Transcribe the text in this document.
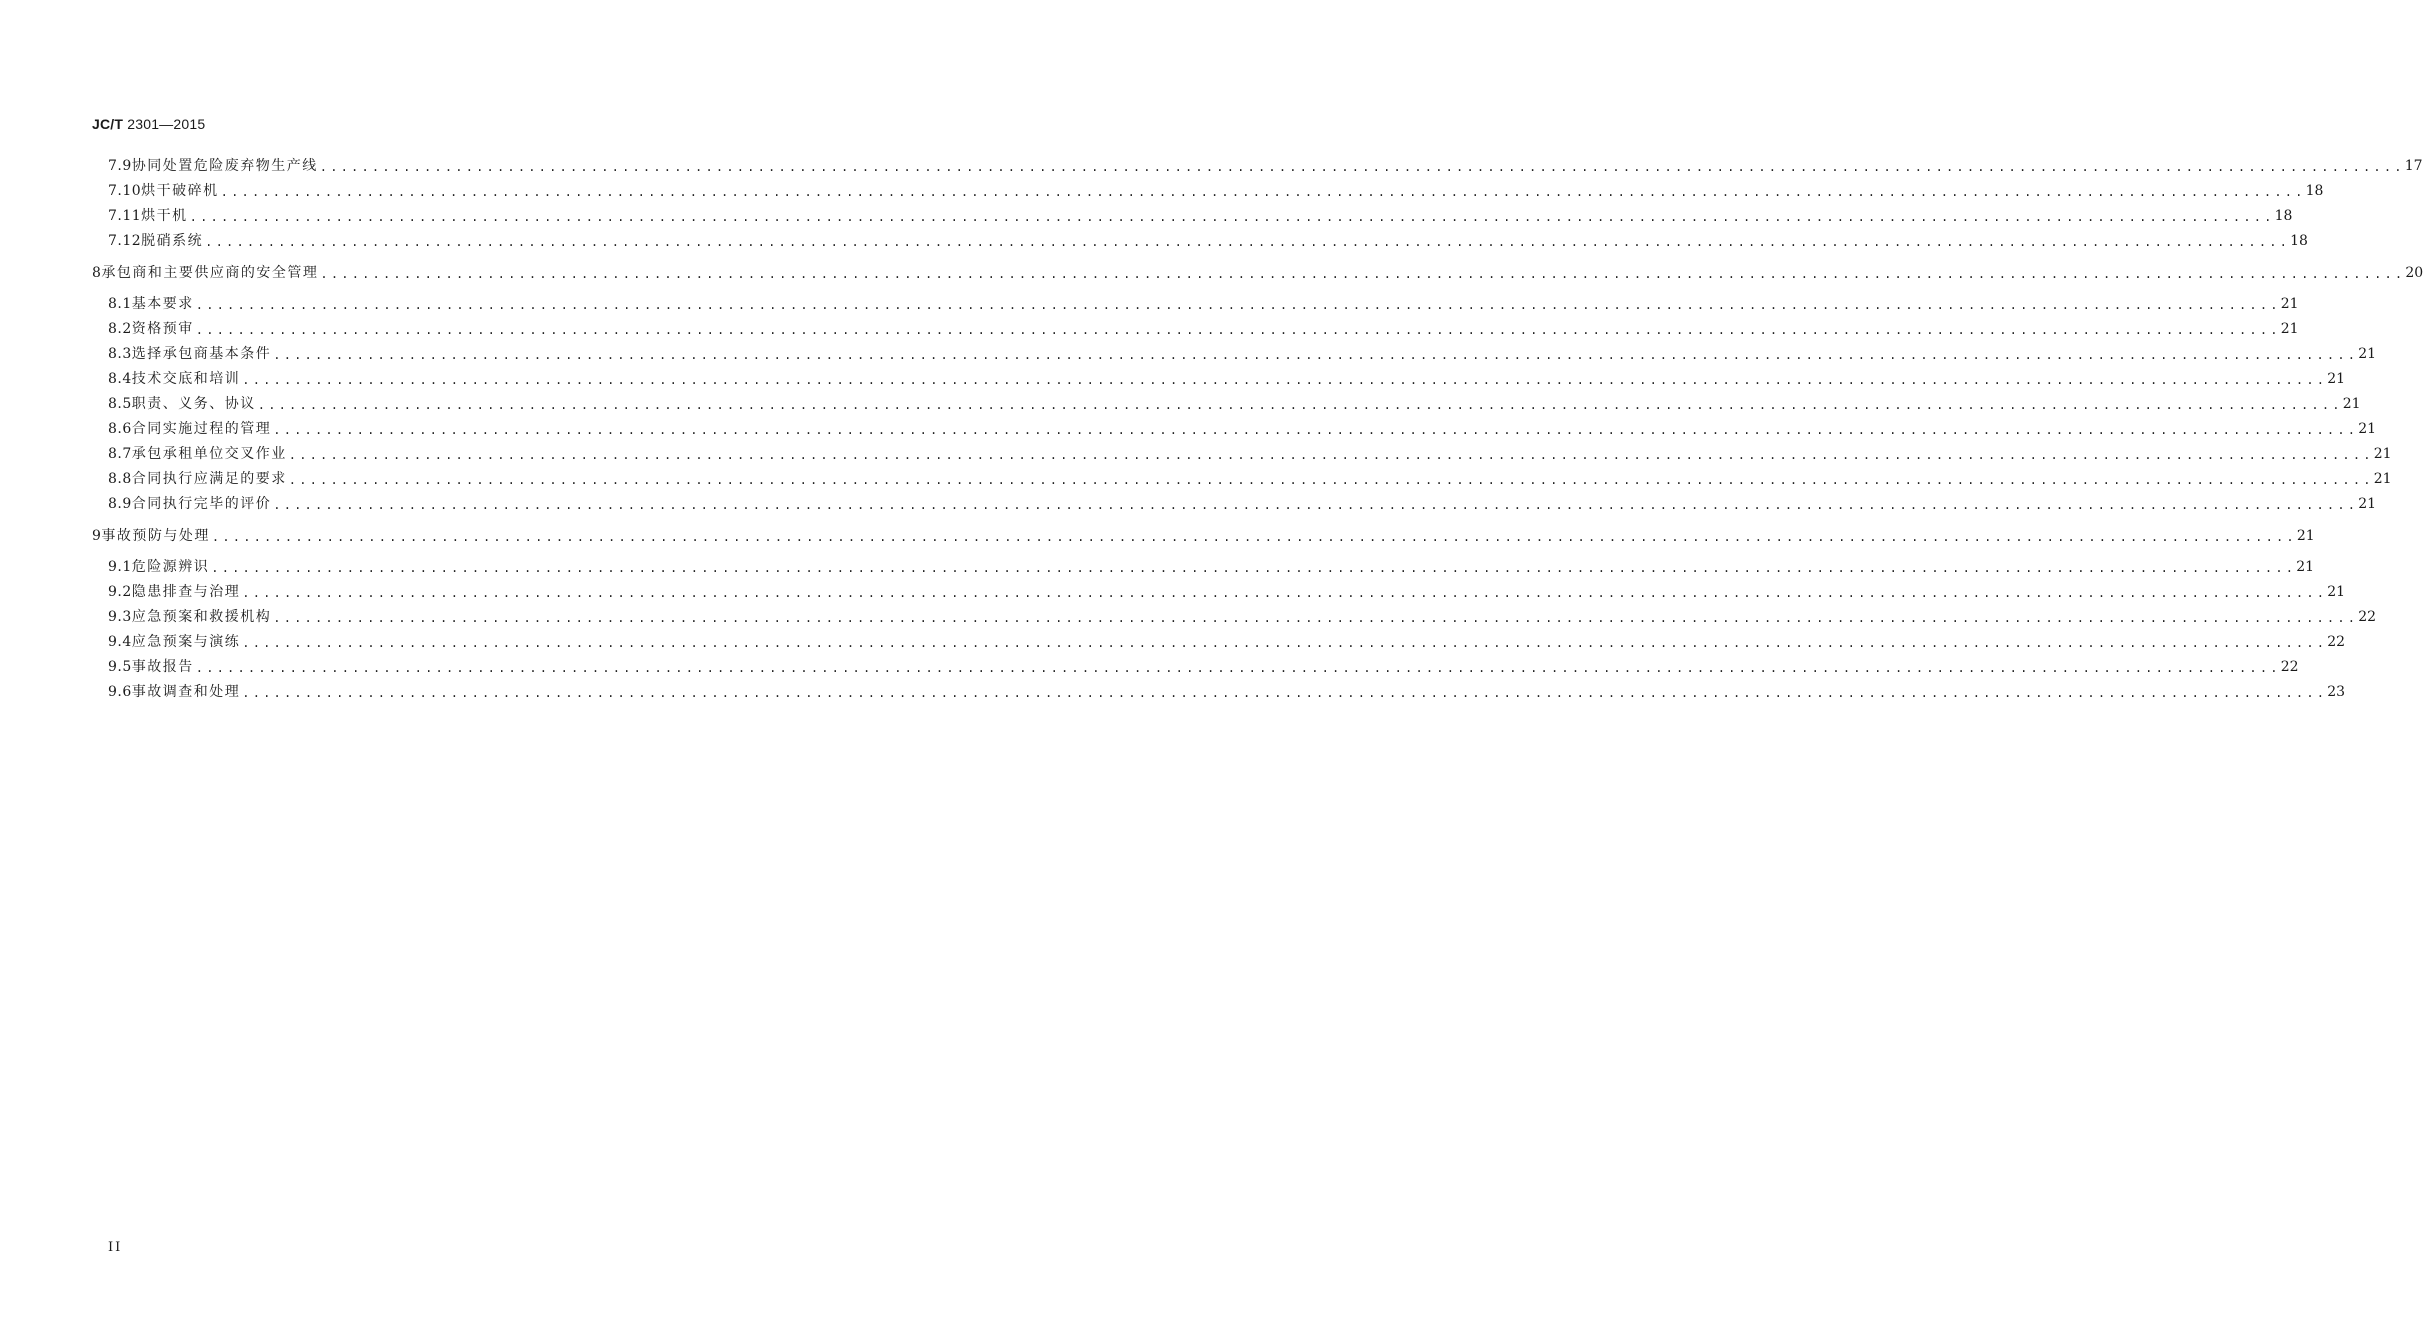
JC/T 2301—2015
7.9 协同处置危险废弃物生产线 ........................................................................................................................................................................................................ 17
7.10 烘干破碎机 ........................................................................................................................................................................................................ 18
7.11 烘干机 ........................................................................................................................................................................................................ 18
7.12 脱硝系统 ........................................................................................................................................................................................................ 18
8 承包商和主要供应商的安全管理 ........................................................................................................................................................................................................ 20
8.1 基本要求 ........................................................................................................................................................................................................ 21
8.2 资格预审 ........................................................................................................................................................................................................ 21
8.3 选择承包商基本条件 ........................................................................................................................................................................................................ 21
8.4 技术交底和培训 ........................................................................................................................................................................................................ 21
8.5 职责、义务、协议 ........................................................................................................................................................................................................ 21
8.6 合同实施过程的管理 ........................................................................................................................................................................................................ 21
8.7 承包承租单位交叉作业 ........................................................................................................................................................................................................ 21
8.8 合同执行应满足的要求 ........................................................................................................................................................................................................ 21
8.9 合同执行完毕的评价 ........................................................................................................................................................................................................ 21
9 事故预防与处理 ........................................................................................................................................................................................................ 21
9.1 危险源辨识 ........................................................................................................................................................................................................ 21
9.2 隐患排查与治理 ........................................................................................................................................................................................................ 21
9.3 应急预案和救援机构 ........................................................................................................................................................................................................ 22
9.4 应急预案与演练 ........................................................................................................................................................................................................ 22
9.5 事故报告 ........................................................................................................................................................................................................ 22
9.6 事故调查和处理 ........................................................................................................................................................................................................ 23
II
